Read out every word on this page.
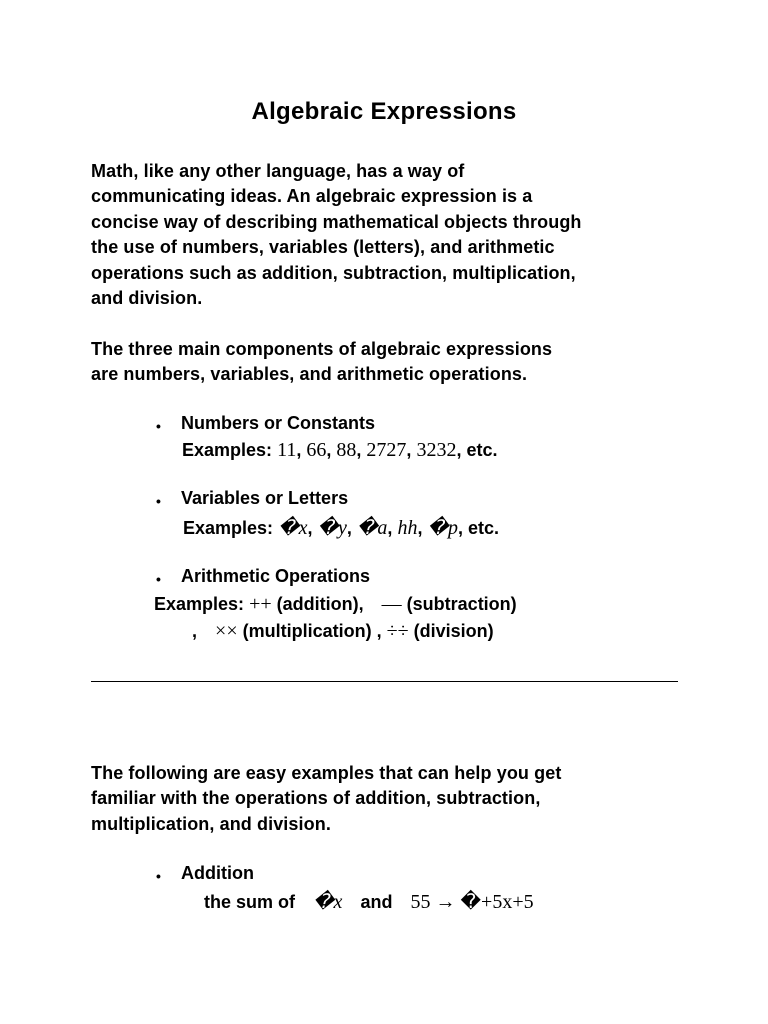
Algebraic Expressions

Math, like any other language, has a way of
communicating ideas. An algebraic expression is a
concise way of describing mathematical objects through
the use of numbers, variables (letters), and arithmetic
operations such as addition, subtraction, multiplication,
and division.

The three main components of algebraic expressions
are numbers, variables, and arithmetic operations.

• Numbers or Constants
Examples: 11, 66, 88, 2727, 3232, etc.
• Variables or Letters
Examples: �x, �y, �a, hh, �p, etc.
• Arithmetic Operations
Examples: ++ (addition), — (subtraction)
, ×× (multiplication) , ÷÷ (division)

The following are easy examples that can help you get
familiar with the operations of addition, subtraction,
multiplication, and division.

• Addition
the sum of �x and 55 → �+5x+5
